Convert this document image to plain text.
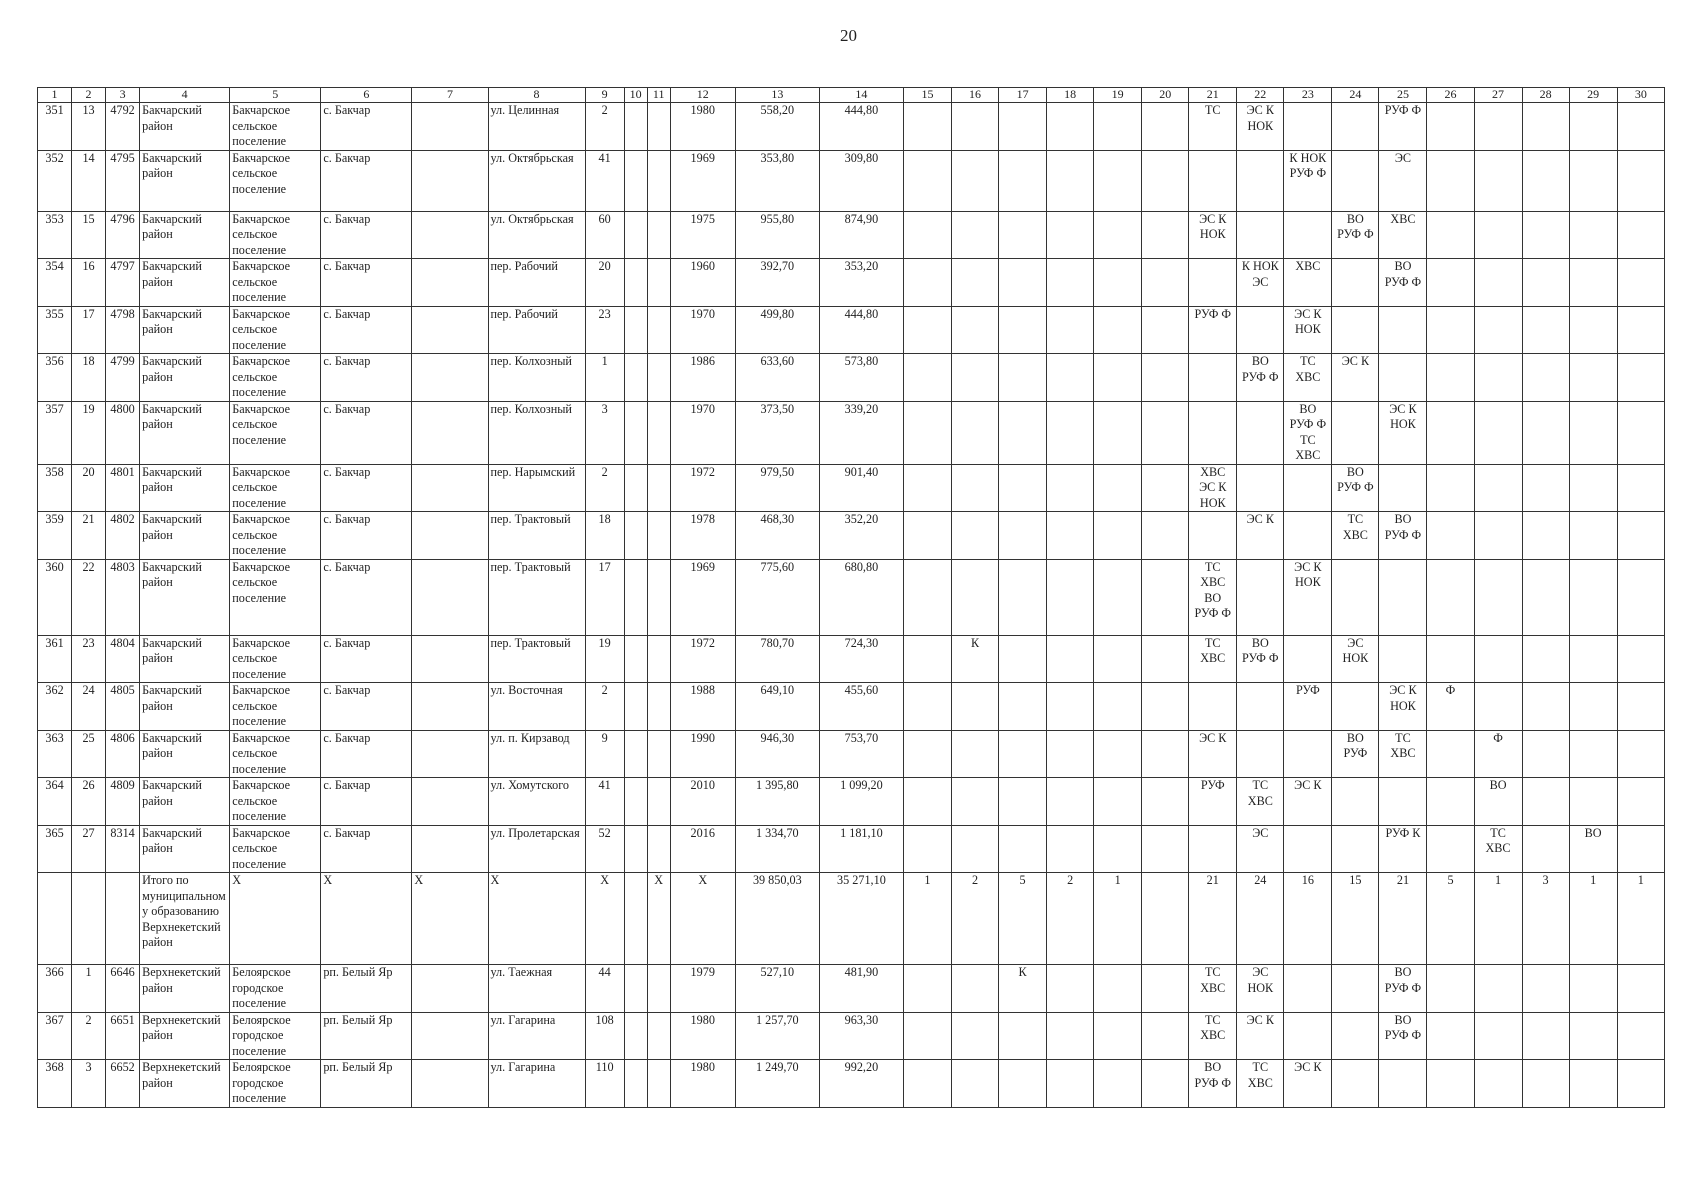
20
1	2	3	4	5	6	7	8	9	10	11	12	13	14	15	16	17	18	19	20	21	22	23	24	25	26	27	28	29	30
351	13	4792	Бакчарский район	Бакчарское сельское поселение	с. Бакчар		ул. Целинная	2			1980	558,20	444,80							ТС	ЭС К НОК			РУФ Ф					
352	14	4795	Бакчарский район	Бакчарское сельское поселение	с. Бакчар		ул. Октябрьская	41			1969	353,80	309,80									К НОК РУФ Ф		ЭС					
353	15	4796	Бакчарский район	Бакчарское сельское поселение	с. Бакчар		ул. Октябрьская	60			1975	955,80	874,90							ЭС К НОК			ВО РУФ Ф	ХВС					
354	16	4797	Бакчарский район	Бакчарское сельское поселение	с. Бакчар		пер. Рабочий	20			1960	392,70	353,20								К НОК ЭС	ХВС		ВО РУФ Ф					
355	17	4798	Бакчарский район	Бакчарское сельское поселение	с. Бакчар		пер. Рабочий	23			1970	499,80	444,80							РУФ Ф		ЭС К НОК							
356	18	4799	Бакчарский район	Бакчарское сельское поселение	с. Бакчар		пер. Колхозный	1			1986	633,60	573,80								ВО РУФ Ф	ТС ХВС	ЭС К						
357	19	4800	Бакчарский район	Бакчарское сельское поселение	с. Бакчар		пер. Колхозный	3			1970	373,50	339,20									ВО РУФ Ф ТС ХВС		ЭС К НОК					
358	20	4801	Бакчарский район	Бакчарское сельское поселение	с. Бакчар		пер. Нарымский	2			1972	979,50	901,40							ХВС ЭС К НОК			ВО РУФ Ф						
359	21	4802	Бакчарский район	Бакчарское сельское поселение	с. Бакчар		пер. Трактовый	18			1978	468,30	352,20								ЭС К		ТС ХВС	ВО РУФ Ф					
360	22	4803	Бакчарский район	Бакчарское сельское поселение	с. Бакчар		пер. Трактовый	17			1969	775,60	680,80							ТС ХВС ВО РУФ Ф		ЭС К НОК							
361	23	4804	Бакчарский район	Бакчарское сельское поселение	с. Бакчар		пер. Трактовый	19			1972	780,70	724,30		К					ТС ХВС	ВО РУФ Ф		ЭС НОК						
362	24	4805	Бакчарский район	Бакчарское сельское поселение	с. Бакчар		ул. Восточная	2			1988	649,10	455,60									РУФ		ЭС К НОК	Ф				
363	25	4806	Бакчарский район	Бакчарское сельское поселение	с. Бакчар		ул. п. Кирзавод	9			1990	946,30	753,70							ЭС К			ВО РУФ	ТС ХВС		Ф			
364	26	4809	Бакчарский район	Бакчарское сельское поселение	с. Бакчар		ул. Хомутского	41			2010	1 395,80	1 099,20							РУФ	ТС ХВС	ЭС К				ВО			
365	27	8314	Бакчарский район	Бакчарское сельское поселение	с. Бакчар		ул. Пролетарская	52			2016	1 334,70	1 181,10								ЭС			РУФ К		ТС ХВС		ВО	
			Итого по муниципальному образованию Верхнекетский район	Х	Х	Х	Х	Х		Х	Х	39 850,03	35 271,10	1	2	5	2	1		21	24	16	15	21	5	1	3	1	1
366	1	6646	Верхнекетский район	Белоярское городское поселение	рп. Белый Яр		ул. Таежная	44			1979	527,10	481,90			К				ТС ХВС	ЭС НОК			ВО РУФ Ф					
367	2	6651	Верхнекетский район	Белоярское городское поселение	рп. Белый Яр		ул. Гагарина	108			1980	1 257,70	963,30							ТС ХВС	ЭС К			ВО РУФ Ф					
368	3	6652	Верхнекетский район	Белоярское городское поселение	рп. Белый Яр		ул. Гагарина	110			1980	1 249,70	992,20							ВО РУФ Ф	ТС ХВС	ЭС К							
